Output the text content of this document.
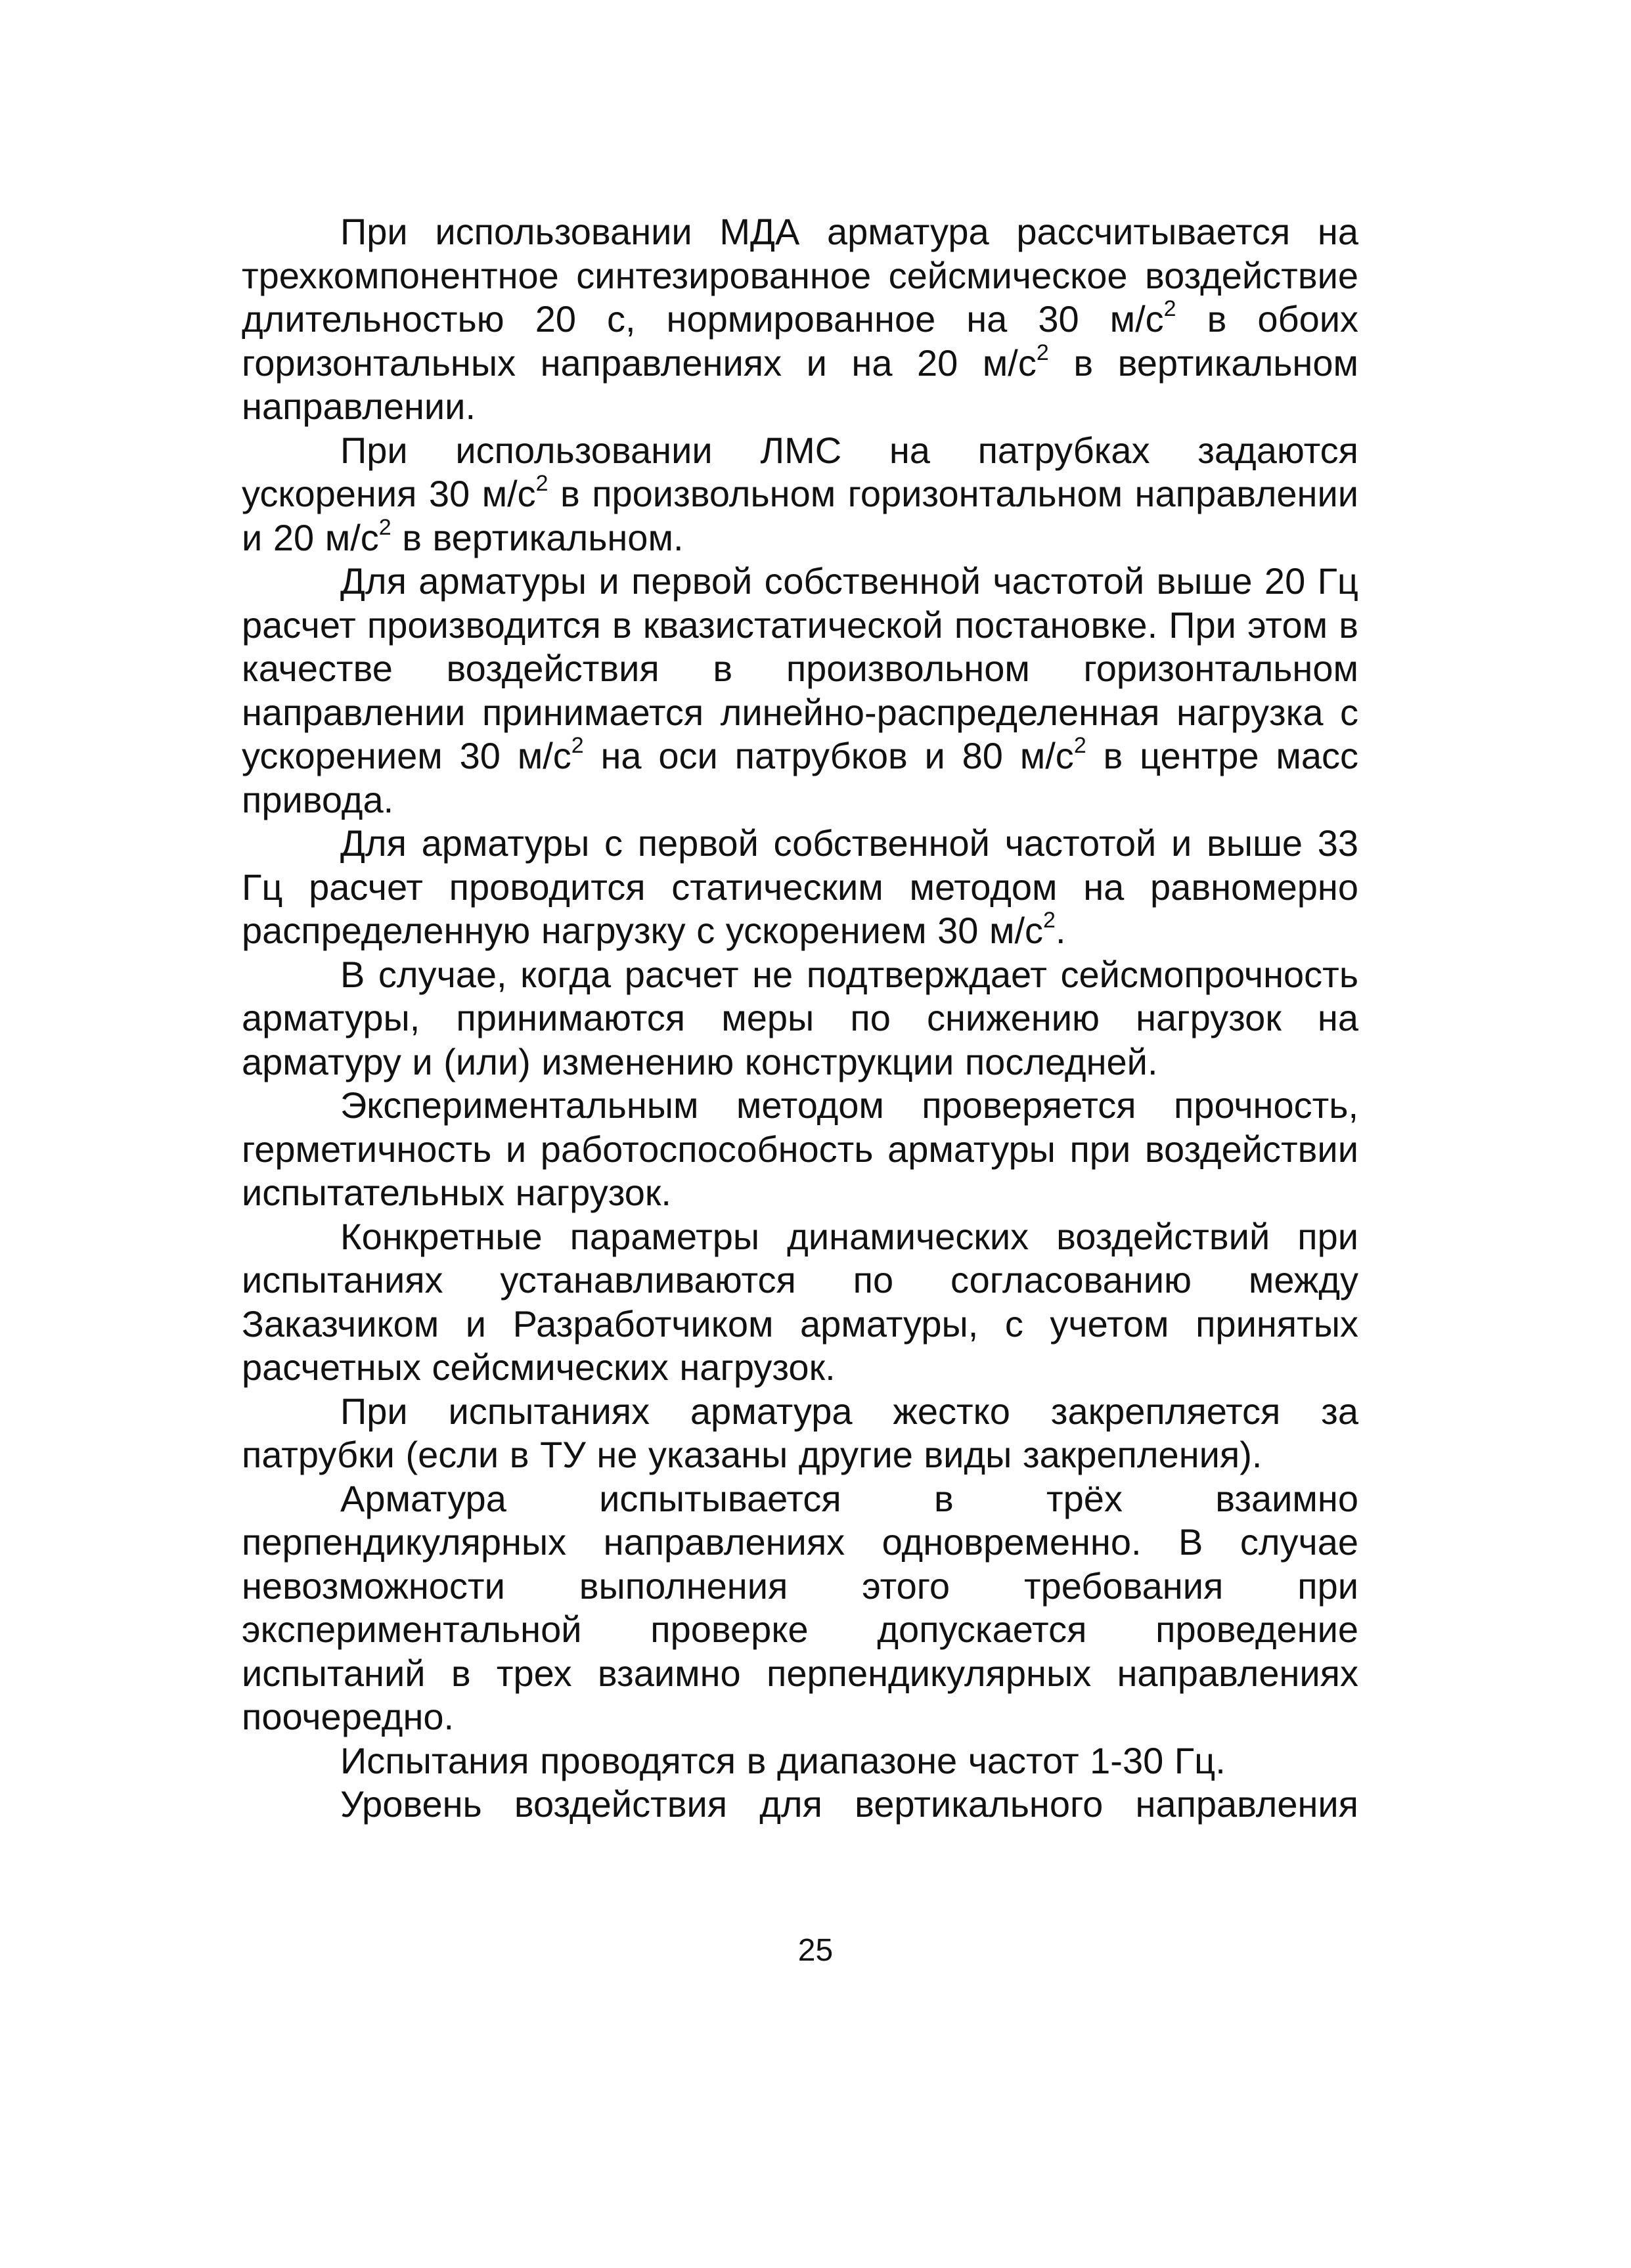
При использовании МДА арматура рассчитывается на трехкомпонентное синтезированное сейсмическое воздействие длительностью 20 с, нормированное на 30 $м/с^2$ в обоих горизонтальных направлениях и на 20 $м/с^2$ в вертикальном направлении.

При использовании ЛМС на патрубках задаются ускорения 30 $м/с^2$ в произвольном горизонтальном направлении и 20 $м/с^2$ в вертикальном.

Для арматуры и первой собственной частотой выше 20 Гц расчет производится в квазистатической постановке. При этом в качестве воздействия в произвольном горизонтальном направлении принимается линейно-распределенная нагрузка с ускорением 30 $м/с^2$ на оси патрубков и 80 $м/с^2$ в центре масс привода.

Для арматуры с первой собственной частотой и выше 33 Гц расчет проводится статическим методом на равномерно распределенную нагрузку с ускорением 30 $м/с^2$.

В случае, когда расчет не подтверждает сейсмопрочность арматуры, принимаются меры по снижению нагрузок на арматуру и (или) изменению конструкции последней.

Экспериментальным методом проверяется прочность, герметичность и работоспособность арматуры при воздействии испытательных нагрузок.

Конкретные параметры динамических воздействий при испытаниях устанавливаются по согласованию между Заказчиком и Разработчиком арматуры, с учетом принятых расчетных сейсмических нагрузок.

При испытаниях арматура жестко закрепляется за патрубки (если в ТУ не указаны другие виды закрепления).

Арматура испытывается в трёх взаимно перпендикулярных направлениях одновременно. В случае невозможности выполнения этого требования при экспериментальной проверке допускается проведение испытаний в трех взаимно перпендикулярных направлениях поочередно.

Испытания проводятся в диапазоне частот 1-30 Гц.

Уровень воздействия для вертикального направления

25
